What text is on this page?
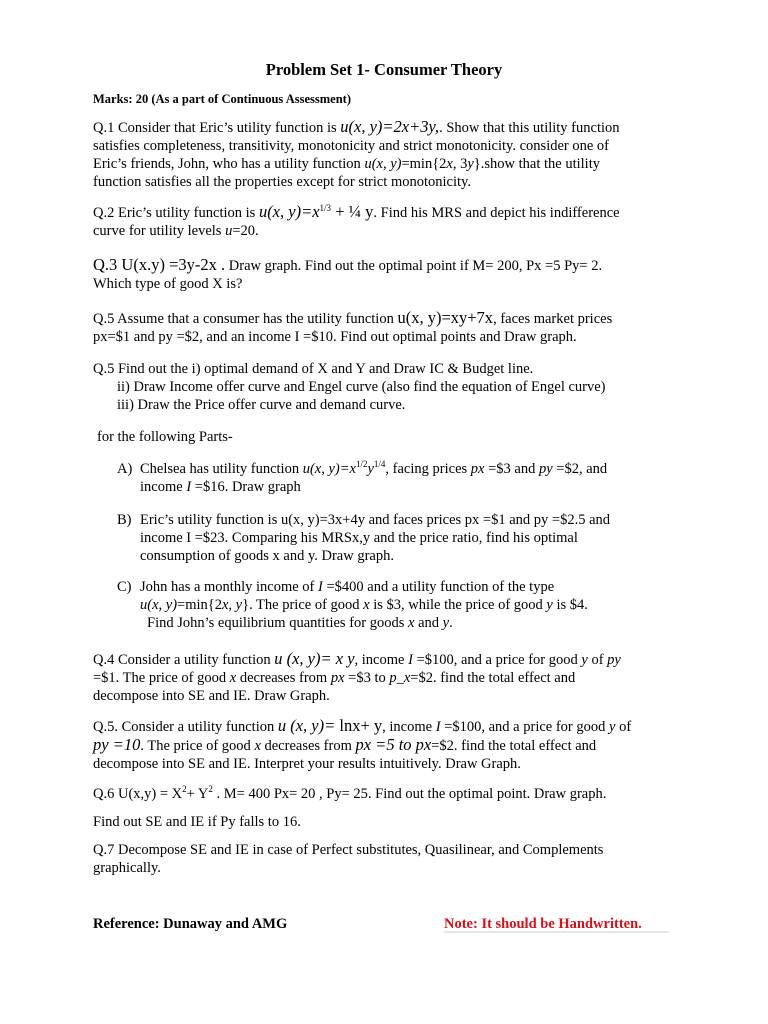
Problem Set 1- Consumer Theory
Marks: 20 (As a part of Continuous Assessment)
Q.1 Consider that Eric’s utility function is u(x, y)=2x+3y,. Show that this utility function
satisfies completeness, transitivity, monotonicity and strict monotonicity. consider one of
Eric’s friends, John, who has a utility function u(x, y)=min{2x, 3y}.show that the utility
function satisfies all the properties except for strict monotonicity.
Q.2 Eric’s utility function is u(x, $y)=x^{1/3}$ + ¼ y. Find his MRS and depict his indifference
curve for utility levels u=20.
Q.3 U(x.y) =3y-2x . Draw graph. Find out the optimal point if M= 200, Px =5 Py= 2.
Which type of good X is?
Q.5 Assume that a consumer has the utility function u(x, y)=xy+7x, faces market prices
px=$1 and py =$2, and an income I =$10. Find out optimal points and Draw graph.
Q.5 Find out the i) optimal demand of X and Y and Draw IC & Budget line.
ii) Draw Income offer curve and Engel curve (also find the equation of Engel curve)
iii) Draw the Price offer curve and demand curve.
for the following Parts-
A) Chelsea has utility function u(x, $y)=x^{1/2}y^{1/4}$, facing prices px =$3 and py =$2, and
income I =$16. Draw graph
B) Eric’s utility function is u(x, y)=3x+4y and faces prices px =$1 and py =$2.5 and
income I =$23. Comparing his MRSx,y and the price ratio, find his optimal
consumption of goods x and y. Draw graph.
C) John has a monthly income of I =$400 and a utility function of the type
u(x, y)=min{2x, y}. The price of good x is $3, while the price of good y is $4.
Find John’s equilibrium quantities for goods x and y.
Q.4 Consider a utility function u (x, y)= x y, income I =$100, and a price for good y of py
=$1. The price of good x decreases from px =$3 to p_x=$2. find the total effect and
decompose into SE and IE. Draw Graph.
Q.5. Consider a utility function u (x, y)= lnx+ y, income I =$100, and a price for good y of
py =10. The price of good x decreases from px =5 to px=$2. find the total effect and
decompose into SE and IE. Interpret your results intuitively. Draw Graph.
Q.6 $U(x,y) = X^2+ Y^2$ . M= 400 Px= 20 , Py= 25. Find out the optimal point. Draw graph.
Find out SE and IE if Py falls to 16.
Q.7 Decompose SE and IE in case of Perfect substitutes, Quasilinear, and Complements
graphically.
Reference: Dunaway and AMG	Note: It should be Handwritten.
